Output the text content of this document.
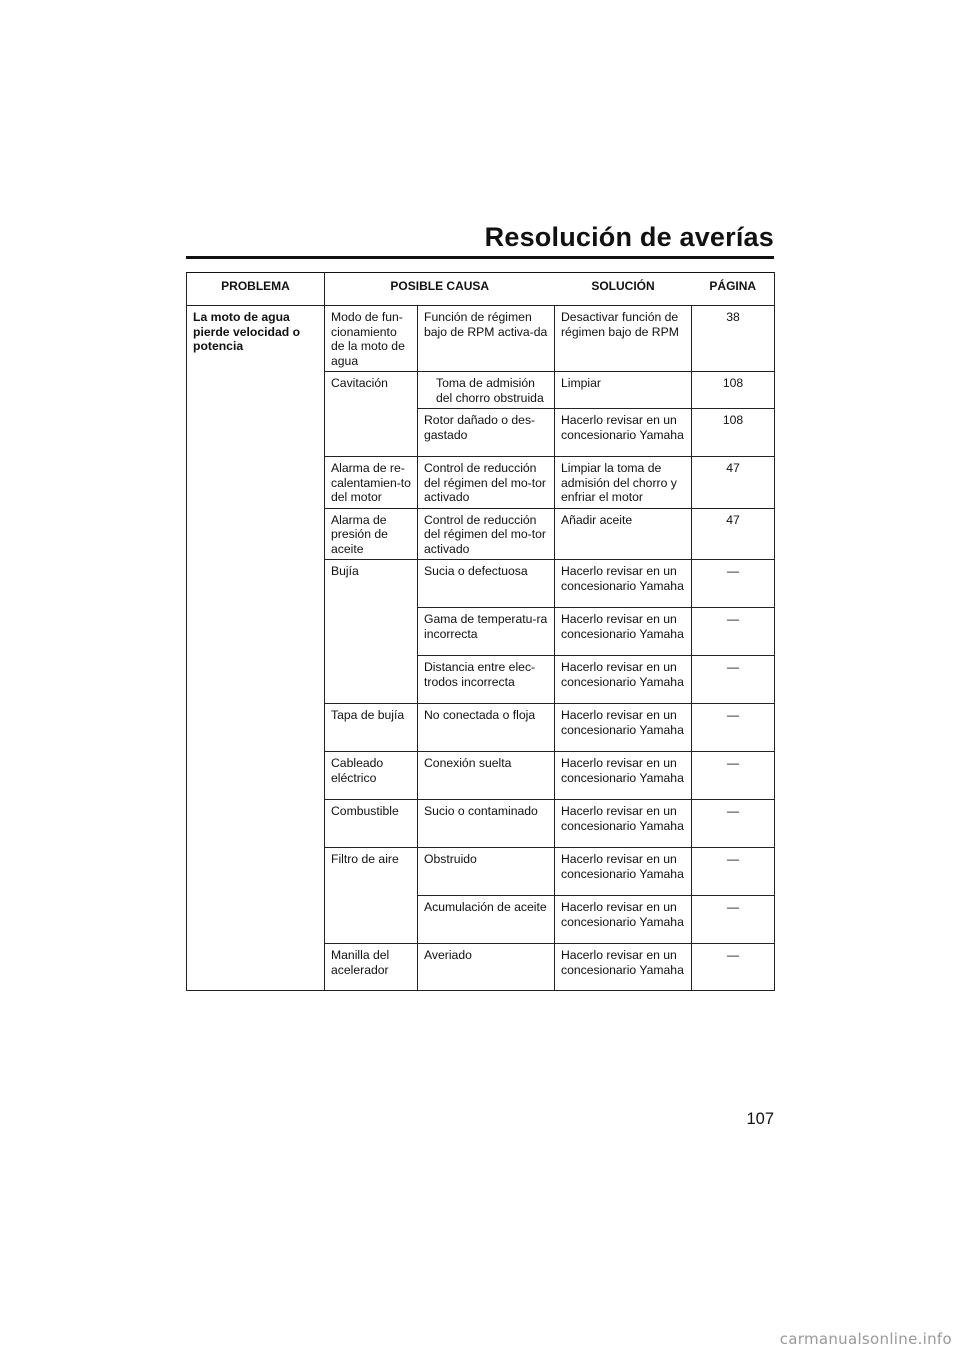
Resolución de averías
PROBLEMA	POSIBLE CAUSA		SOLUCIÓN	PÁGINA
La moto de agua pierde velocidad o potencia	Modo de fun-cionamiento de la moto de agua	Función de régimen bajo de RPM activa-da	Desactivar función de régimen bajo de RPM	38
	Cavitación	Toma de admisión del chorro obstruida	Limpiar	108
		Rotor dañado o des-gastado	Hacerlo revisar en un concesionario Yamaha	108
	Alarma de re-calentamien-to del motor	Control de reducción del régimen del mo-tor activado	Limpiar la toma de admisión del chorro y enfriar el motor	47
	Alarma de presión de aceite	Control de reducción del régimen del mo-tor activado	Añadir aceite	47
	Bujía	Sucia o defectuosa	Hacerlo revisar en un concesionario Yamaha	—
		Gama de temperatu-ra incorrecta	Hacerlo revisar en un concesionario Yamaha	—
		Distancia entre elec-trodos incorrecta	Hacerlo revisar en un concesionario Yamaha	—
	Tapa de bujía	No conectada o floja	Hacerlo revisar en un concesionario Yamaha	—
	Cableado eléctrico	Conexión suelta	Hacerlo revisar en un concesionario Yamaha	—
	Combustible	Sucio o contaminado	Hacerlo revisar en un concesionario Yamaha	—
	Filtro de aire	Obstruido	Hacerlo revisar en un concesionario Yamaha	—
		Acumulación de aceite	Hacerlo revisar en un concesionario Yamaha	—
	Manilla del acelerador	Averiado	Hacerlo revisar en un concesionario Yamaha	—
107
carmanualsonline.info
